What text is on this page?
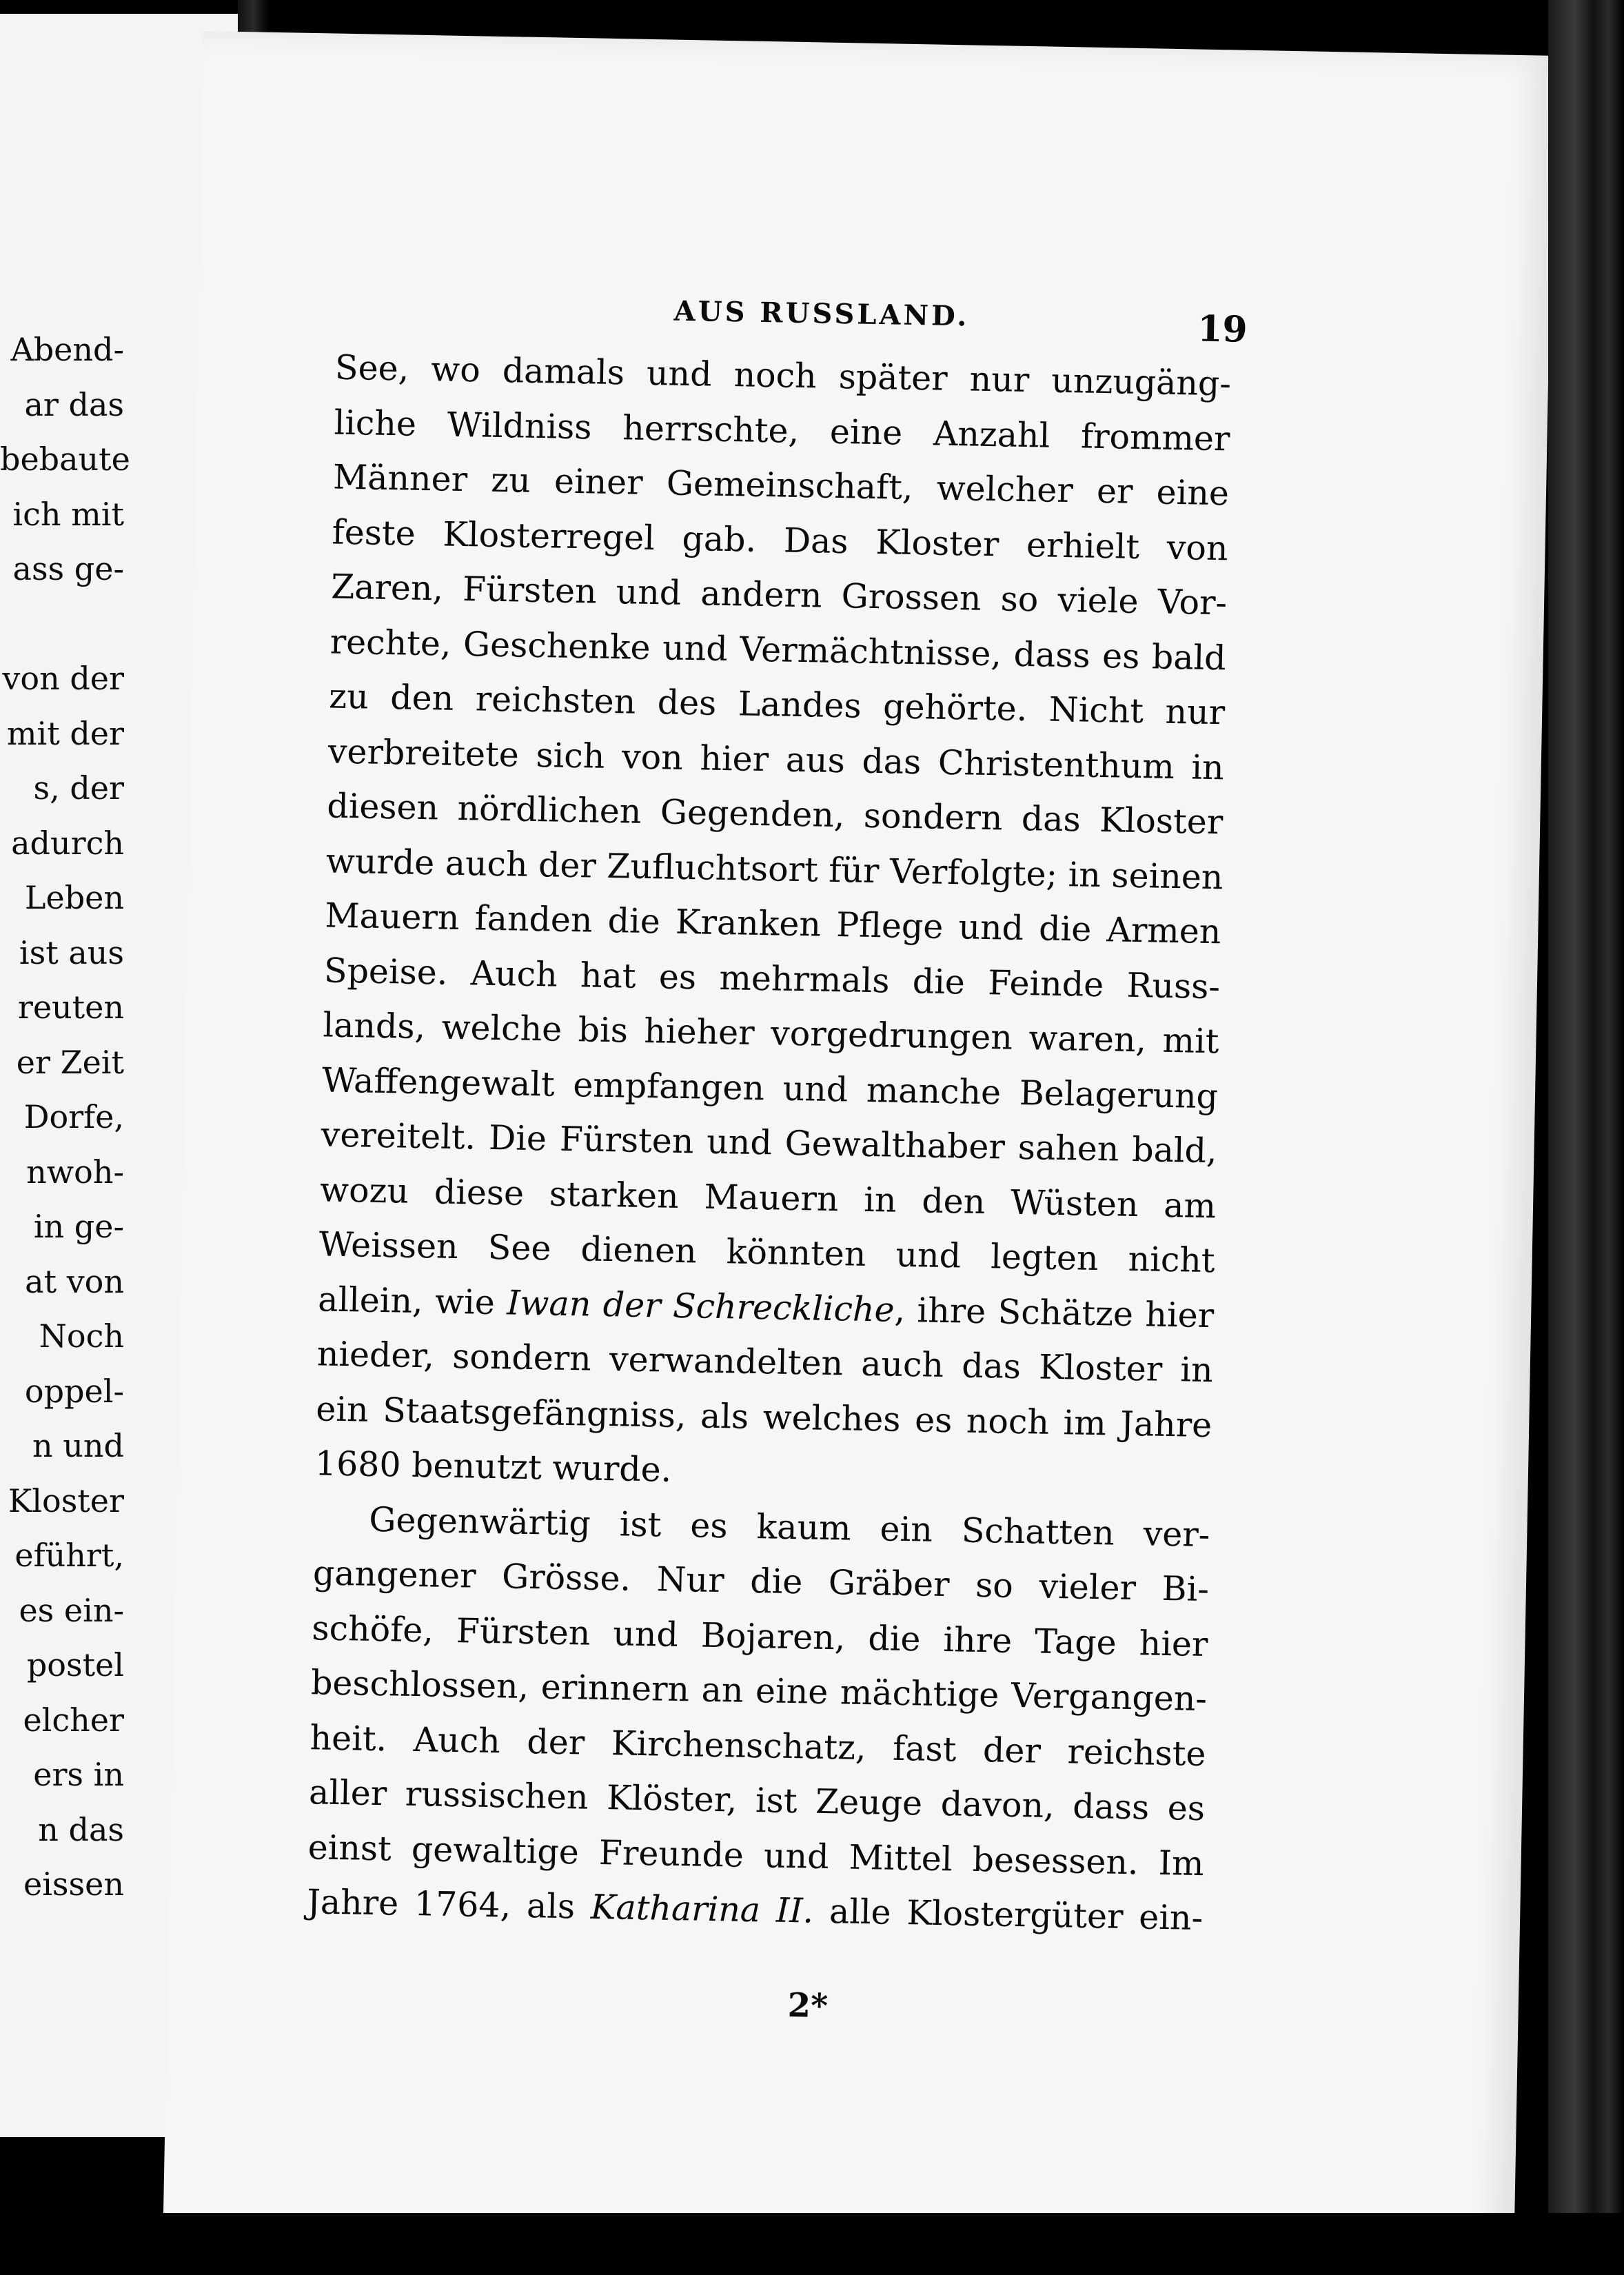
Abend-
ar das
bebaute
ich mit
ass ge-

von der
mit der
s, der
adurch
Leben
ist aus
reuten
er Zeit
Dorfe,
nwoh-
in ge-
at von
Noch
oppel-
n und
Kloster
eführt,
es ein-
postel
elcher
ers in
n das
eissen
AUS RUSSLAND.	19
See, wo damals und noch später nur unzugäng-
liche Wildniss herrschte, eine Anzahl frommer
Männer zu einer Gemeinschaft, welcher er eine
feste Klosterregel gab. Das Kloster erhielt von
Zaren, Fürsten und andern Grossen so viele Vor-
rechte, Geschenke und Vermächtnisse, dass es bald
zu den reichsten des Landes gehörte. Nicht nur
verbreitete sich von hier aus das Christenthum in
diesen nördlichen Gegenden, sondern das Kloster
wurde auch der Zufluchtsort für Verfolgte; in seinen
Mauern fanden die Kranken Pflege und die Armen
Speise. Auch hat es mehrmals die Feinde Russ-
lands, welche bis hieher vorgedrungen waren, mit
Waffengewalt empfangen und manche Belagerung
vereitelt. Die Fürsten und Gewalthaber sahen bald,
wozu diese starken Mauern in den Wüsten am
Weissen See dienen könnten und legten nicht
allein, wie Iwan der Schreckliche, ihre Schätze hier
nieder, sondern verwandelten auch das Kloster in
ein Staatsgefängniss, als welches es noch im Jahre
1680 benutzt wurde.
Gegenwärtig ist es kaum ein Schatten ver-
gangener Grösse. Nur die Gräber so vieler Bi-
schöfe, Fürsten und Bojaren, die ihre Tage hier
beschlossen, erinnern an eine mächtige Vergangen-
heit. Auch der Kirchenschatz, fast der reichste
aller russischen Klöster, ist Zeuge davon, dass es
einst gewaltige Freunde und Mittel besessen. Im
Jahre 1764, als Katharina II. alle Klostergüter ein-
2*
